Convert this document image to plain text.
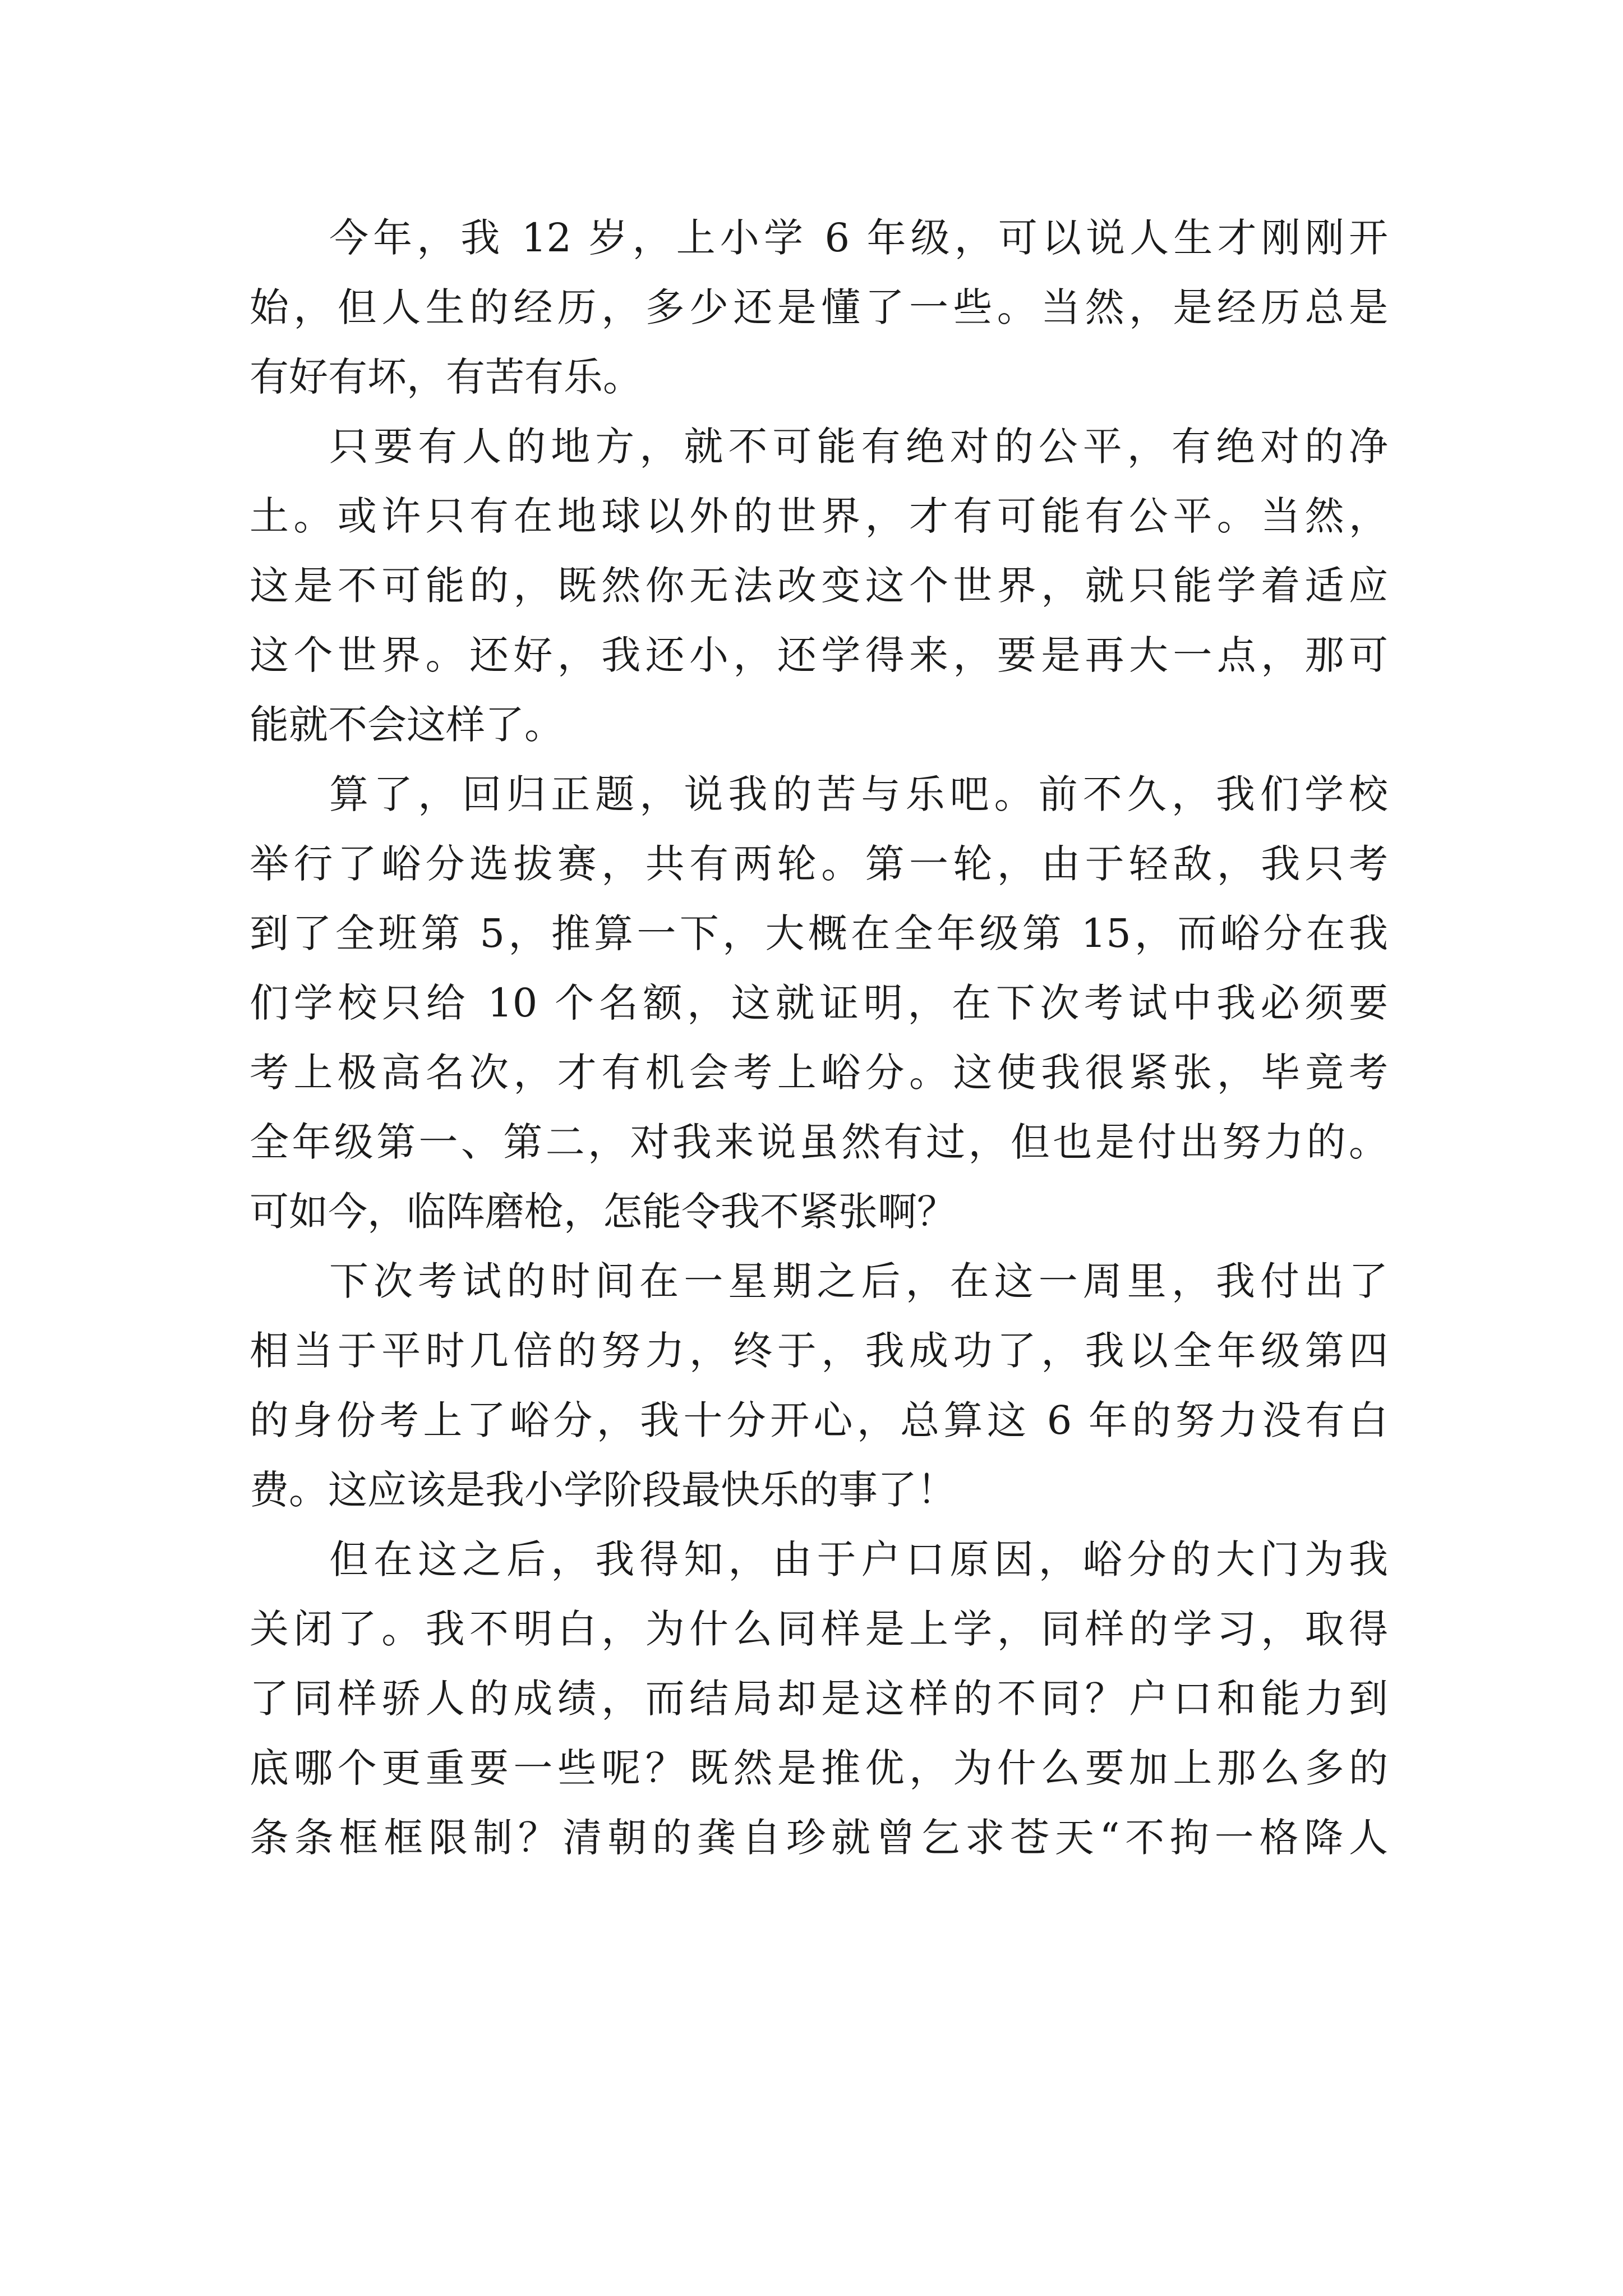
今年，我 12 岁，上小学 6 年级，可以说人生才刚刚开
始，但人生的经历，多少还是懂了一些。当然，是经历总是
有好有坏，有苦有乐。
只要有人的地方，就不可能有绝对的公平，有绝对的净
土。或许只有在地球以外的世界，才有可能有公平。当然，
这是不可能的，既然你无法改变这个世界，就只能学着适应
这个世界。还好，我还小，还学得来，要是再大一点，那可
能就不会这样了。
算了，回归正题，说我的苦与乐吧。前不久，我们学校
举行了峪分选拔赛，共有两轮。第一轮，由于轻敌，我只考
到了全班第 5，推算一下，大概在全年级第 15，而峪分在我
们学校只给 10 个名额，这就证明，在下次考试中我必须要
考上极高名次，才有机会考上峪分。这使我很紧张，毕竟考
全年级第一、第二，对我来说虽然有过，但也是付出努力的。
可如今，临阵磨枪，怎能令我不紧张啊？
下次考试的时间在一星期之后，在这一周里，我付出了
相当于平时几倍的努力，终于，我成功了，我以全年级第四
的身份考上了峪分，我十分开心，总算这 6 年的努力没有白
费。这应该是我小学阶段最快乐的事了！
但在这之后，我得知，由于户口原因，峪分的大门为我
关闭了。我不明白，为什么同样是上学，同样的学习，取得
了同样骄人的成绩，而结局却是这样的不同？户口和能力到
底哪个更重要一些呢？既然是推优，为什么要加上那么多的
条条框框限制？清朝的龚自珍就曾乞求苍天“不拘一格降人
